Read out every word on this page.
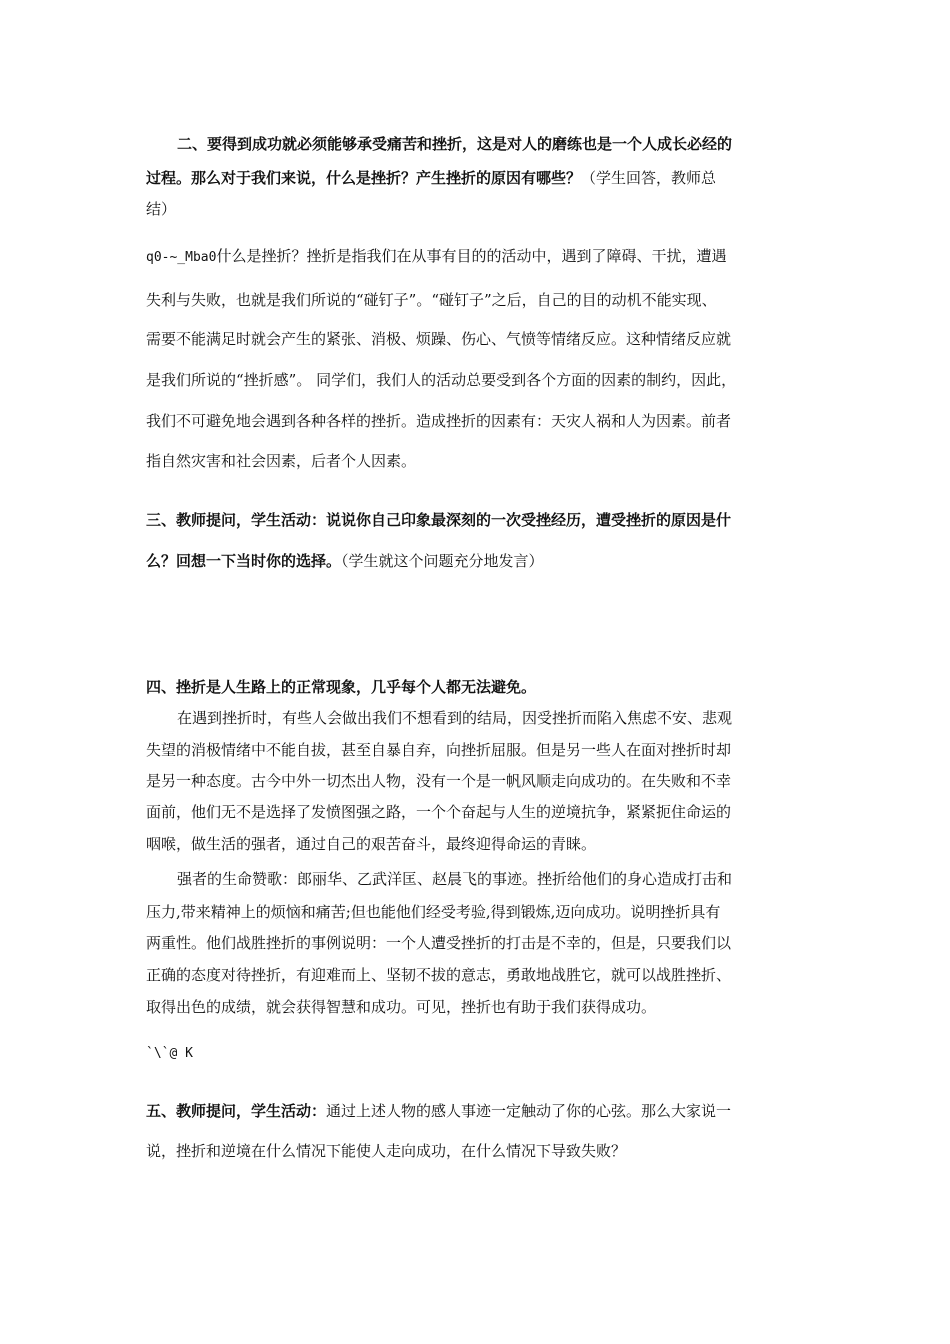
二、要得到成功就必须能够承受痛苦和挫折，这是对人的磨练也是一个人成长必经的
过程。那么对于我们来说，什么是挫折？产生挫折的原因有哪些？（学生回答，教师总
结）
q0-~_Mba0什么是挫折？挫折是指我们在从事有目的的活动中，遇到了障碍、干扰，遭遇
失利与失败，也就是我们所说的“碰钉子”。“碰钉子”之后，自己的目的动机不能实现、
需要不能满足时就会产生的紧张、消极、烦躁、伤心、气愤等情绪反应。这种情绪反应就
是我们所说的“挫折感”。 同学们，我们人的活动总要受到各个方面的因素的制约，因此，
我们不可避免地会遇到各种各样的挫折。造成挫折的因素有：天灾人祸和人为因素。前者
指自然灾害和社会因素，后者个人因素。
三、教师提问，学生活动：说说你自己印象最深刻的一次受挫经历，遭受挫折的原因是什
么？回想一下当时你的选择。（学生就这个问题充分地发言）
四、挫折是人生路上的正常现象，几乎每个人都无法避免。
在遇到挫折时，有些人会做出我们不想看到的结局，因受挫折而陷入焦虑不安、悲观
失望的消极情绪中不能自拔，甚至自暴自弃，向挫折屈服。但是另一些人在面对挫折时却
是另一种态度。古今中外一切杰出人物，没有一个是一帆风顺走向成功的。在失败和不幸
面前，他们无不是选择了发愤图强之路，一个个奋起与人生的逆境抗争，紧紧扼住命运的
咽喉，做生活的强者，通过自己的艰苦奋斗，最终迎得命运的青睐。
强者的生命赞歌：郎丽华、乙武洋匡、赵晨飞的事迹。挫折给他们的身心造成打击和
压力,带来精神上的烦恼和痛苦;但也能他们经受考验,得到锻炼,迈向成功。说明挫折具有
两重性。他们战胜挫折的事例说明：一个人遭受挫折的打击是不幸的，但是，只要我们以
正确的态度对待挫折，有迎难而上、坚韧不拔的意志，勇敢地战胜它，就可以战胜挫折、
取得出色的成绩，就会获得智慧和成功。可见，挫折也有助于我们获得成功。
`\`@ K
五、教师提问，学生活动：通过上述人物的感人事迹一定触动了你的心弦。那么大家说一
说，挫折和逆境在什么情况下能使人走向成功，在什么情况下导致失败？
